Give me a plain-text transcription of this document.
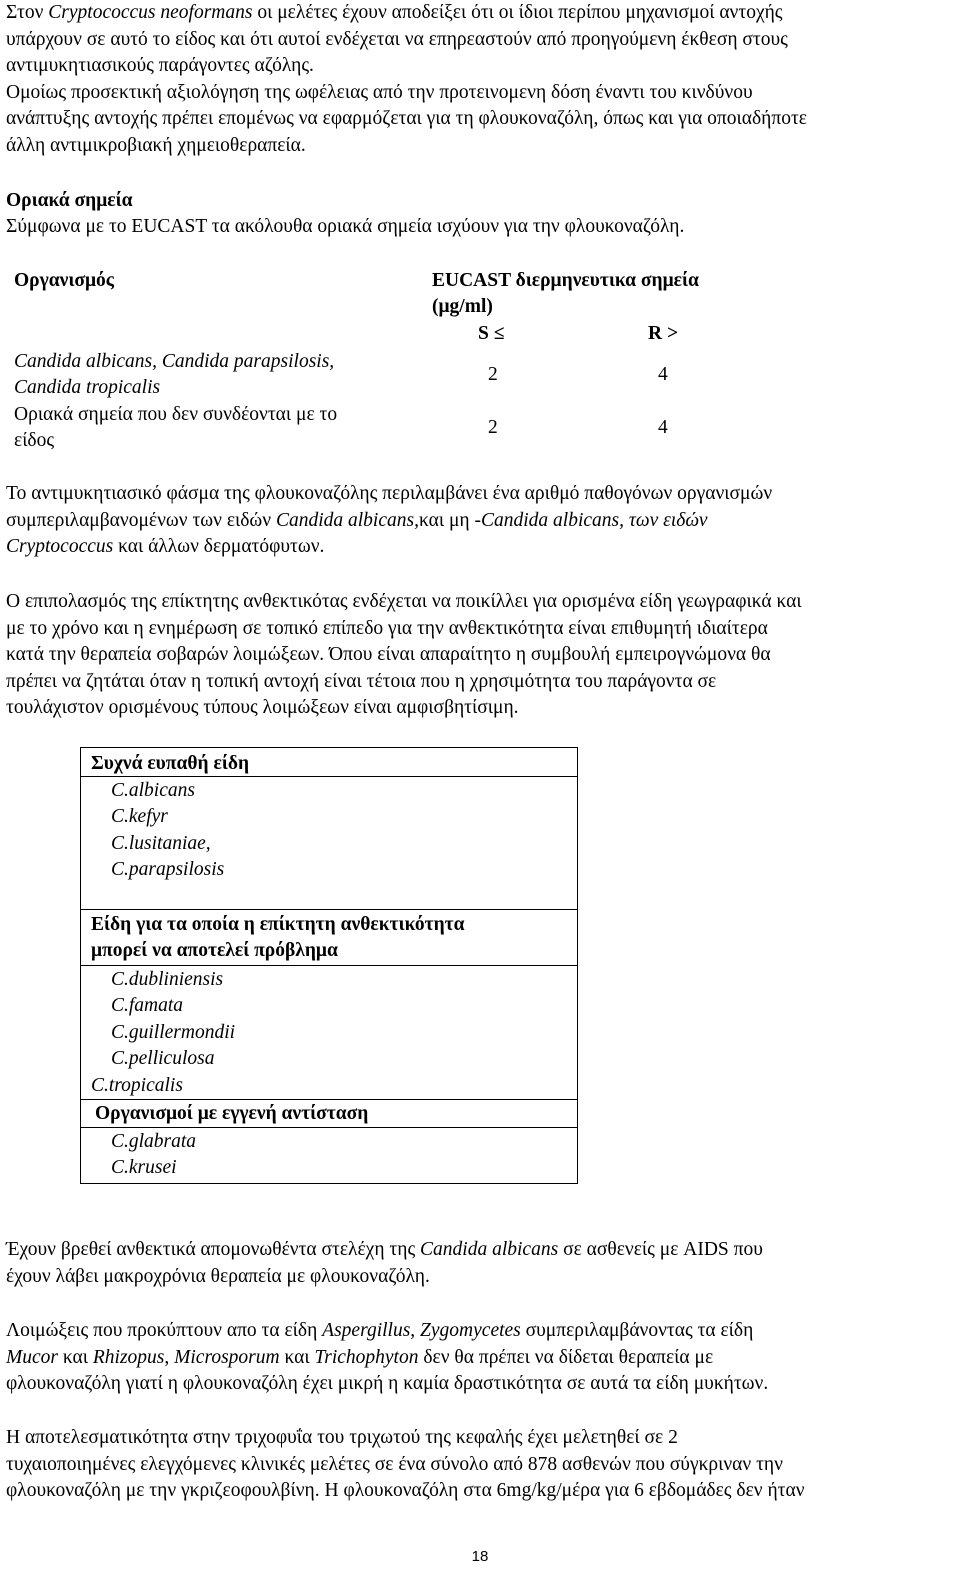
Στον Cryptococcus neoformans οι μελέτες έχουν αποδείξει ότι οι ίδιοι περίπου μηχανισμοί αντοχής
υπάρχουν σε αυτό το είδος και ότι αυτοί ενδέχεται να επηρεαστούν από προηγούμενη έκθεση στους
αντιμυκητιασικούς παράγοντες αζόλης.
Ομοίως προσεκτική αξιολόγηση της ωφέλειας από την προτεινομενη δόση έναντι του κινδύνου
ανάπτυξης αντοχής πρέπει επομένως να εφαρμόζεται για τη φλουκοναζόλη, όπως και για οποιαδήποτε
άλλη αντιμικροβιακή χημειοθεραπεία.
Οριακά σημεία
Σύμφωνα με το EUCAST τα ακόλουθα οριακά σημεία ισχύουν για την φλουκοναζόλη.
Οργανισμός	EUCAST διερμηνευτικα σημεία
(μg/ml)
S ≤	R >
Candida albicans, Candida parapsilosis,
Candida tropicalis
2	4
Οριακά σημεία που δεν συνδέονται με το
είδος
2	4
Το αντιμυκητιασικό φάσμα της φλουκοναζόλης περιλαμβάνει ένα αριθμό παθογόνων οργανισμών
συμπεριλαμβανομένων των ειδών Candida albicans,και μη -Candida albicans, των ειδών
Cryptococcus και άλλων δερματόφυτων.
Ο επιπολασμός της επίκτητης ανθεκτικότας ενδέχεται να ποικίλλει για ορισμένα είδη γεωγραφικά και
με το χρόνο και η ενημέρωση σε τοπικό επίπεδο για την ανθεκτικότητα είναι επιθυμητή ιδιαίτερα
κατά την θεραπεία σοβαρών λοιμώξεων. Όπου είναι απαραίτητο η συμβουλή εμπειρογνώμονα θα
πρέπει να ζητάται όταν η τοπική αντοχή είναι τέτοια που η χρησιμότητα του παράγοντα σε
τουλάχιστον ορισμένους τύπους λοιμώξεων είναι αμφισβητίσιμη.
Συχνά ευπαθή είδη
C.albicans
C.kefyr
C.lusitaniae,
C.parapsilosis
Είδη για τα οποία η επίκτητη ανθεκτικότητα
μπορεί να αποτελεί πρόβλημα
C.dubliniensis
C.famata
C.guillermondii
C.pelliculosa
C.tropicalis
Οργανισμοί με εγγενή αντίσταση
C.glabrata
C.krusei
Έχουν βρεθεί ανθεκτικά απομονωθέντα στελέχη της Candida albicans σε ασθενείς με AIDS που
έχουν λάβει μακροχρόνια θεραπεία με φλουκοναζόλη.
Λοιμώξεις που προκύπτουν απο τα είδη Aspergillus, Zygomycetes συμπεριλαμβάνοντας τα είδη
Mucor και Rhizopus, Microsporum και Trichophyton δεν θα πρέπει να δίδεται θεραπεία με
φλουκοναζόλη γιατί η φλουκοναζόλη έχει μικρή η καμία δραστικότητα σε αυτά τα είδη μυκήτων.
Η αποτελεσματικότητα στην τριχοφυΐα του τριχωτού της κεφαλής έχει μελετηθεί σε 2
τυχαιοποιημένες ελεγχόμενες κλινικές μελέτες σε ένα σύνολο από 878 ασθενών που σύγκριναν την
φλουκοναζόλη με την γκριζεοφουλβίνη. Η φλουκοναζόλη στα 6mg/kg/μέρα για 6 εβδομάδες δεν ήταν
18
